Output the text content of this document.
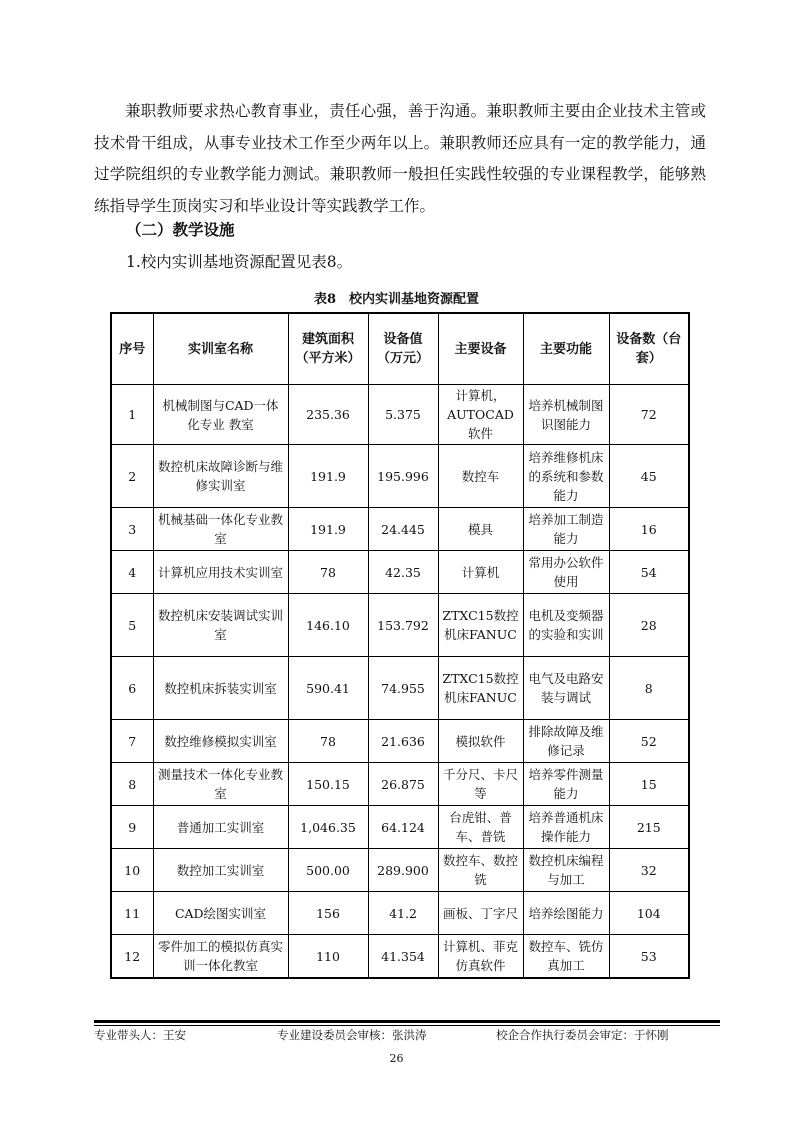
兼职教师要求热心教育事业，责任心强，善于沟通。兼职教师主要由企业技术主管或技术骨干组成，从事专业技术工作至少两年以上。兼职教师还应具有一定的教学能力，通过学院组织的专业教学能力测试。兼职教师一般担任实践性较强的专业课程教学，能够熟练指导学生顶岗实习和毕业设计等实践教学工作。

（二）教学设施

1.校内实训基地资源配置见表8。

表8　校内实训基地资源配置

序号	实训室名称	建筑面积（平方米）	设备值（万元）	主要设备	主要功能	设备数（台套）
1	机械制图与CAD一体化专业 教室	235.36	5.375	计算机，AUTOCAD软件	培养机械制图识图能力	72
2	数控机床故障诊断与维修实训室	191.9	195.996	数控车	培养维修机床的系统和参数能力	45
3	机械基础一体化专业教室	191.9	24.445	模具	培养加工制造能力	16
4	计算机应用技术实训室	78	42.35	计算机	常用办公软件使用	54
5	数控机床安装调试实训室	146.10	153.792	ZTXC15数控机床FANUC	电机及变频器的实验和实训	28
6	数控机床拆装实训室	590.41	74.955	ZTXC15数控机床FANUC	电气及电路安装与调试	8
7	数控维修模拟实训室	78	21.636	模拟软件	排除故障及维修记录	52
8	测量技术一体化专业教室	150.15	26.875	千分尺、卡尺等	培养零件测量能力	15
9	普通加工实训室	1,046.35	64.124	台虎钳、普车、普铣	培养普通机床操作能力	215
10	数控加工实训室	500.00	289.900	数控车、数控铣	数控机床编程与加工	32
11	CAD绘图实训室	156	41.2	画板、丁字尺	培养绘图能力	104
12	零件加工的模拟仿真实训一体化教室	110	41.354	计算机、菲克仿真软件	数控车、铣仿真加工	53

专业带头人：王安	专业建设委员会审核：张洪涛	校企合作执行委员会审定：于怀刚

26
